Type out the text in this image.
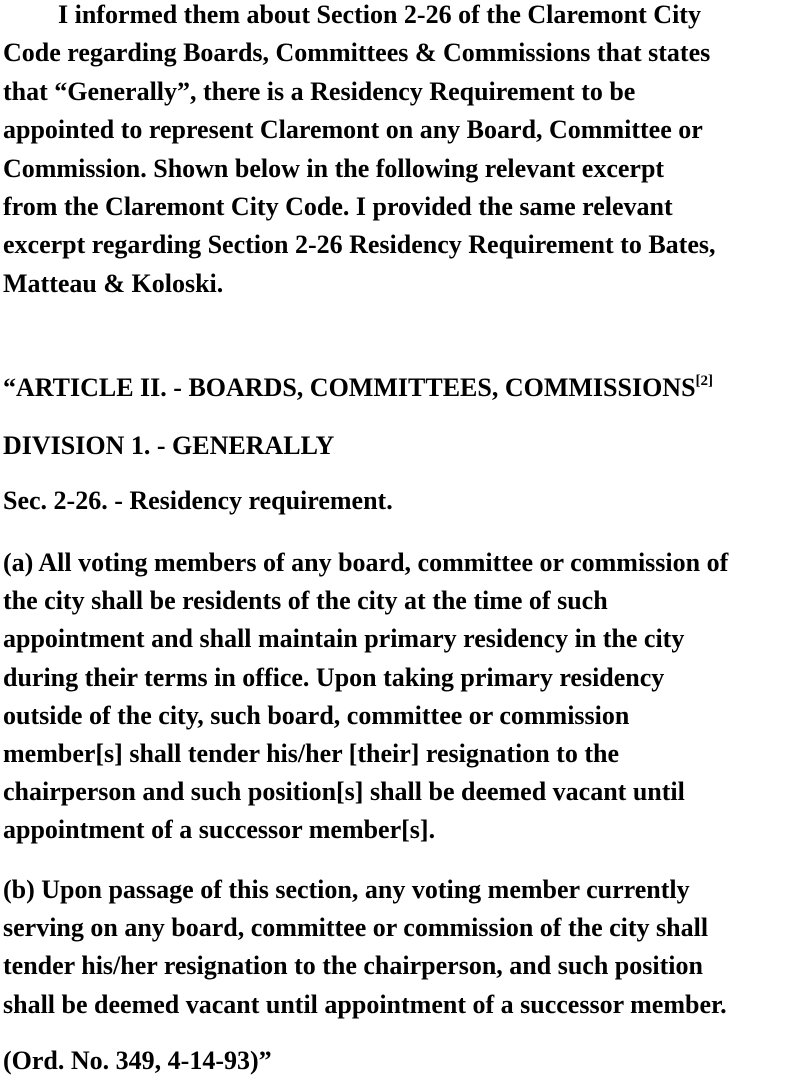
I informed them about Section 2-26 of the Claremont City
Code regarding Boards, Committees & Commissions that states
that “Generally”, there is a Residency Requirement to be
appointed to represent Claremont on any Board, Committee or
Commission. Shown below in the following relevant excerpt
from the Claremont City Code. I provided the same relevant
excerpt regarding Section 2-26 Residency Requirement to Bates,
Matteau & Koloski.

“ARTICLE II. - BOARDS, COMMITTEES, COMMISSIONS[2]
DIVISION 1. - GENERALLY
Sec. 2-26. - Residency requirement.

(a) All voting members of any board, committee or commission of
the city shall be residents of the city at the time of such
appointment and shall maintain primary residency in the city
during their terms in office. Upon taking primary residency
outside of the city, such board, committee or commission
member[s] shall tender his/her [their] resignation to the
chairperson and such position[s] shall be deemed vacant until
appointment of a successor member[s].

(b) Upon passage of this section, any voting member currently
serving on any board, committee or commission of the city shall
tender his/her resignation to the chairperson, and such position
shall be deemed vacant until appointment of a successor member.

(Ord. No. 349, 4-14-93)”
